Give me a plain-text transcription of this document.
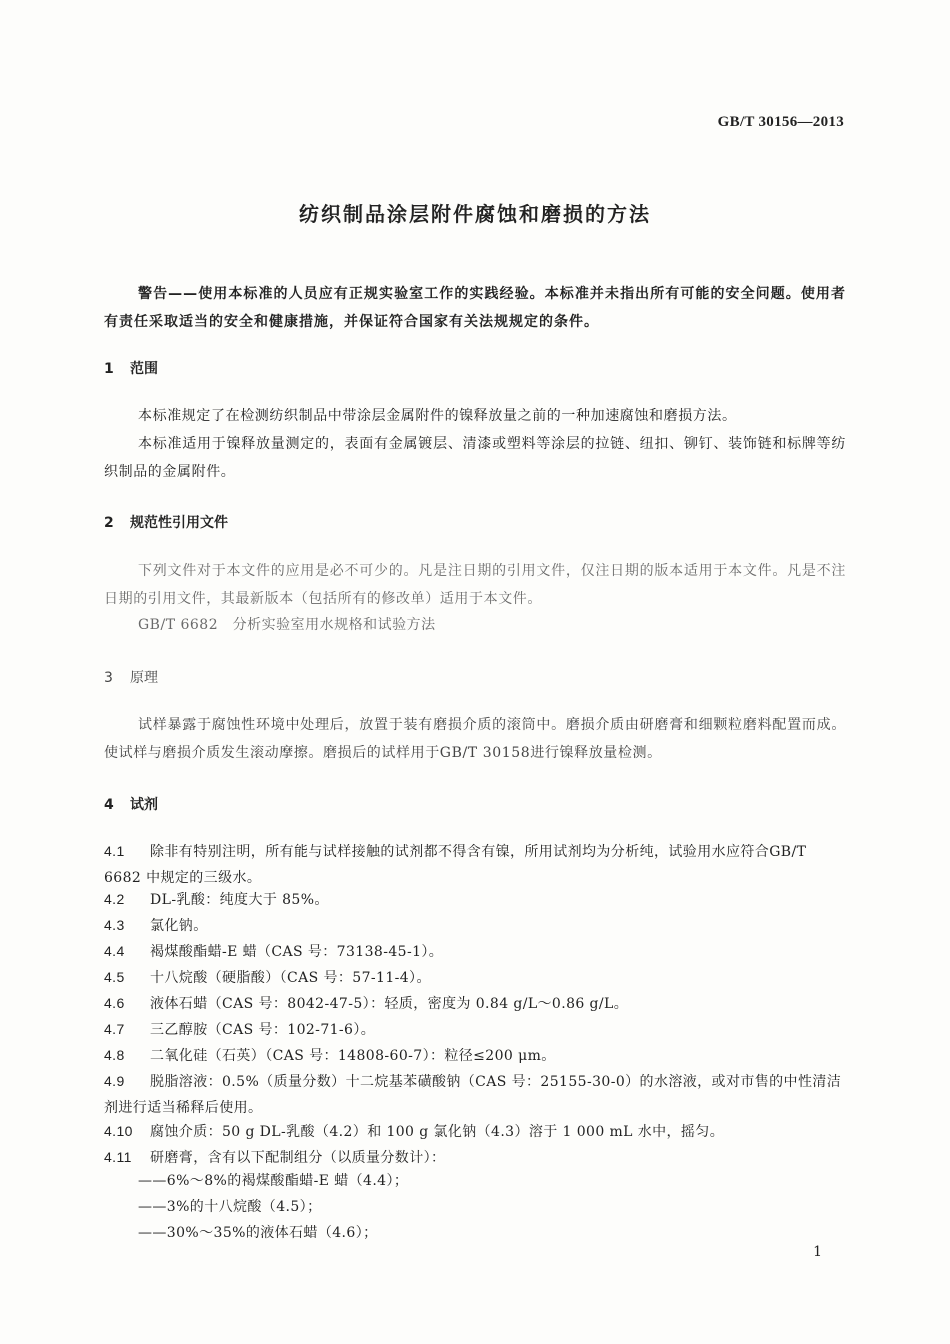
GB/T 30156—2013
纺织制品涂层附件腐蚀和磨损的方法
警告——使用本标准的人员应有正规实验室工作的实践经验。本标准并未指出所有可能的安全问题。使用者有责任采取适当的安全和健康措施，并保证符合国家有关法规规定的条件。
1 范围
本标准规定了在检测纺织制品中带涂层金属附件的镍释放量之前的一种加速腐蚀和磨损方法。
本标准适用于镍释放量测定的，表面有金属镀层、清漆或塑料等涂层的拉链、纽扣、铆钉、装饰链和标牌等纺织制品的金属附件。
2 规范性引用文件
下列文件对于本文件的应用是必不可少的。凡是注日期的引用文件，仅注日期的版本适用于本文件。凡是不注日期的引用文件，其最新版本（包括所有的修改单）适用于本文件。
GB/T 6682　分析实验室用水规格和试验方法
3 原理
试样暴露于腐蚀性环境中处理后，放置于装有磨损介质的滚筒中。磨损介质由研磨膏和细颗粒磨料配置而成。使试样与磨损介质发生滚动摩擦。磨损后的试样用于GB/T 30158进行镍释放量检测。
4 试剂
4.1 除非有特别注明，所有能与试样接触的试剂都不得含有镍，所用试剂均为分析纯，试验用水应符合GB/T 6682 中规定的三级水。
4.2 DL-乳酸：纯度大于 85%。
4.3 氯化钠。
4.4 褐煤酸酯蜡-E 蜡（CAS 号：73138-45-1）。
4.5 十八烷酸（硬脂酸）（CAS 号：57-11-4）。
4.6 液体石蜡（CAS 号：8042-47-5）：轻质，密度为 0.84 g/L～0.86 g/L。
4.7 三乙醇胺（CAS 号：102-71-6）。
4.8 二氧化硅（石英）（CAS 号：14808-60-7）：粒径≤200 μm。
4.9 脱脂溶液：0.5%（质量分数）十二烷基苯磺酸钠（CAS 号：25155-30-0）的水溶液，或对市售的中性清洁剂进行适当稀释后使用。
4.10 腐蚀介质：50 g DL-乳酸（4.2）和 100 g 氯化钠（4.3）溶于 1 000 mL 水中，摇匀。
4.11 研磨膏，含有以下配制组分（以质量分数计）：
——6%～8%的褐煤酸酯蜡-E 蜡（4.4）；
——3%的十八烷酸（4.5）；
——30%～35%的液体石蜡（4.6）；
1
